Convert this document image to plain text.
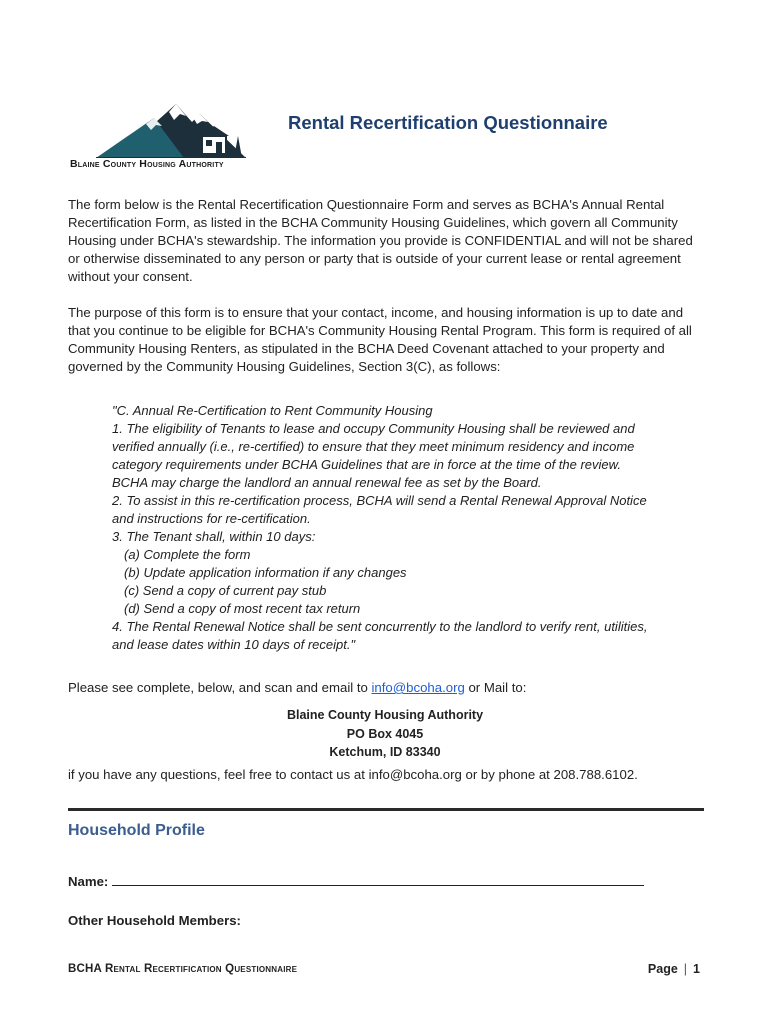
Blaine County Housing Authority
Rental Recertification Questionnaire
The form below is the Rental Recertification Questionnaire Form and serves as BCHA's Annual Rental Recertification Form, as listed in the BCHA Community Housing Guidelines, which govern all Community Housing under BCHA's stewardship. The information you provide is CONFIDENTIAL and will not be shared or otherwise disseminated to any person or party that is outside of your current lease or rental agreement without your consent.
The purpose of this form is to ensure that your contact, income, and housing information is up to date and that you continue to be eligible for BCHA's Community Housing Rental Program. This form is required of all Community Housing Renters, as stipulated in the BCHA Deed Covenant attached to your property and governed by the Community Housing Guidelines, Section 3(C), as follows:
"C. Annual Re-Certification to Rent Community Housing
1. The eligibility of Tenants to lease and occupy Community Housing shall be reviewed and
verified annually (i.e., re-certified) to ensure that they meet minimum residency and income
category requirements under BCHA Guidelines that are in force at the time of the review.
BCHA may charge the landlord an annual renewal fee as set by the Board.
2. To assist in this re-certification process, BCHA will send a Rental Renewal Approval Notice
and instructions for re-certification.
3. The Tenant shall, within 10 days:
(a) Complete the form
(b) Update application information if any changes
(c) Send a copy of current pay stub
(d) Send a copy of most recent tax return
4. The Rental Renewal Notice shall be sent concurrently to the landlord to verify rent, utilities,
and lease dates within 10 days of receipt."
Please see complete, below, and scan and email to info@bcoha.org or Mail to:
Blaine County Housing Authority
PO Box 4045
Ketchum, ID 83340
if you have any questions, feel free to contact us at info@bcoha.org or by phone at 208.788.6102.
Household Profile
Name:
Other Household Members:
BCHA Rental Recertification Questionnaire	Page | 1
